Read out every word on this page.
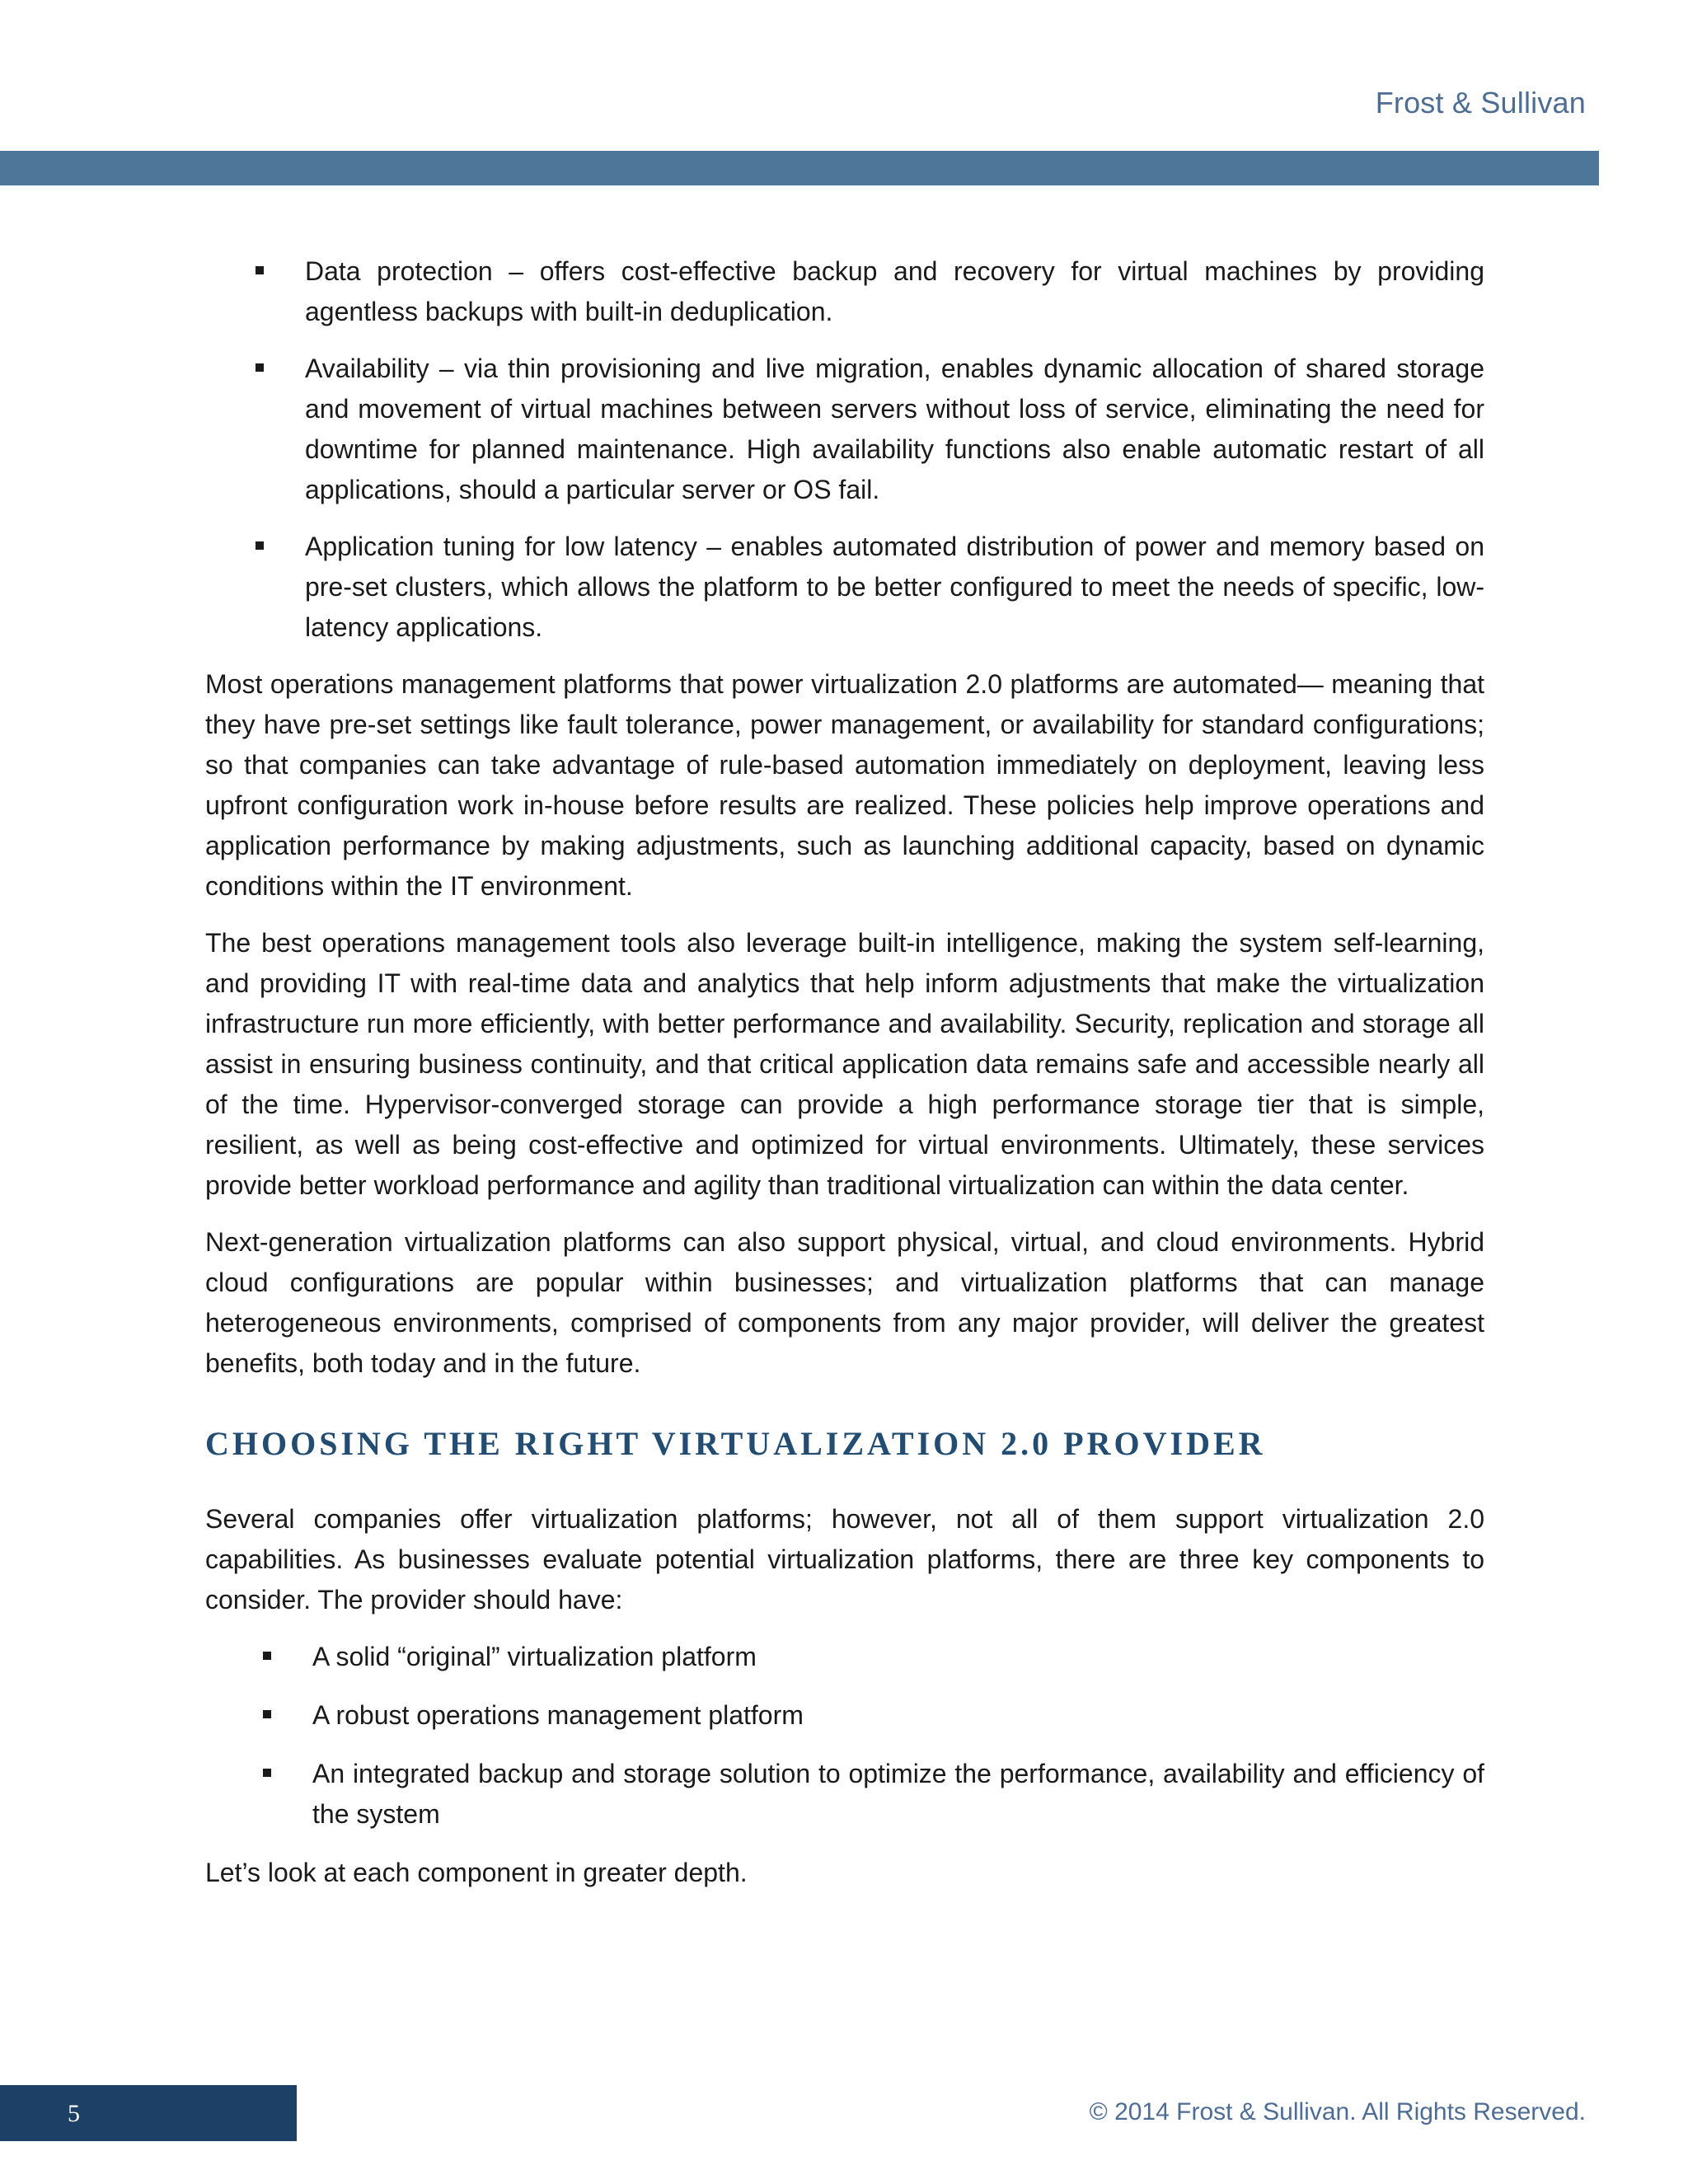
Frost & Sullivan
Data protection – offers cost-effective backup and recovery for virtual machines by providing agentless backups with built-in deduplication.
Availability – via thin provisioning and live migration, enables dynamic allocation of shared storage and movement of virtual machines between servers without loss of service, eliminating the need for downtime for planned maintenance. High availability functions also enable automatic restart of all applications, should a particular server or OS fail.
Application tuning for low latency – enables automated distribution of power and memory based on pre-set clusters, which allows the platform to be better configured to meet the needs of specific, low-latency applications.

Most operations management platforms that power virtualization 2.0 platforms are automated— meaning that they have pre-set settings like fault tolerance, power management, or availability for standard configurations; so that companies can take advantage of rule-based automation immediately on deployment, leaving less upfront configuration work in-house before results are realized. These policies help improve operations and application performance by making adjustments, such as launching additional capacity, based on dynamic conditions within the IT environment.

The best operations management tools also leverage built-in intelligence, making the system self-learning, and providing IT with real-time data and analytics that help inform adjustments that make the virtualization infrastructure run more efficiently, with better performance and availability. Security, replication and storage all assist in ensuring business continuity, and that critical application data remains safe and accessible nearly all of the time. Hypervisor-converged storage can provide a high performance storage tier that is simple, resilient, as well as being cost-effective and optimized for virtual environments. Ultimately, these services provide better workload performance and agility than traditional virtualization can within the data center.

Next-generation virtualization platforms can also support physical, virtual, and cloud environments. Hybrid cloud configurations are popular within businesses; and virtualization platforms that can manage heterogeneous environments, comprised of components from any major provider, will deliver the greatest benefits, both today and in the future.

CHOOSING THE RIGHT VIRTUALIZATION 2.0 PROVIDER

Several companies offer virtualization platforms; however, not all of them support virtualization 2.0 capabilities. As businesses evaluate potential virtualization platforms, there are three key components to consider. The provider should have:

A solid “original” virtualization platform
A robust operations management platform
An integrated backup and storage solution to optimize the performance, availability and efficiency of the system

Let’s look at each component in greater depth.

5	© 2014 Frost & Sullivan. All Rights Reserved.
